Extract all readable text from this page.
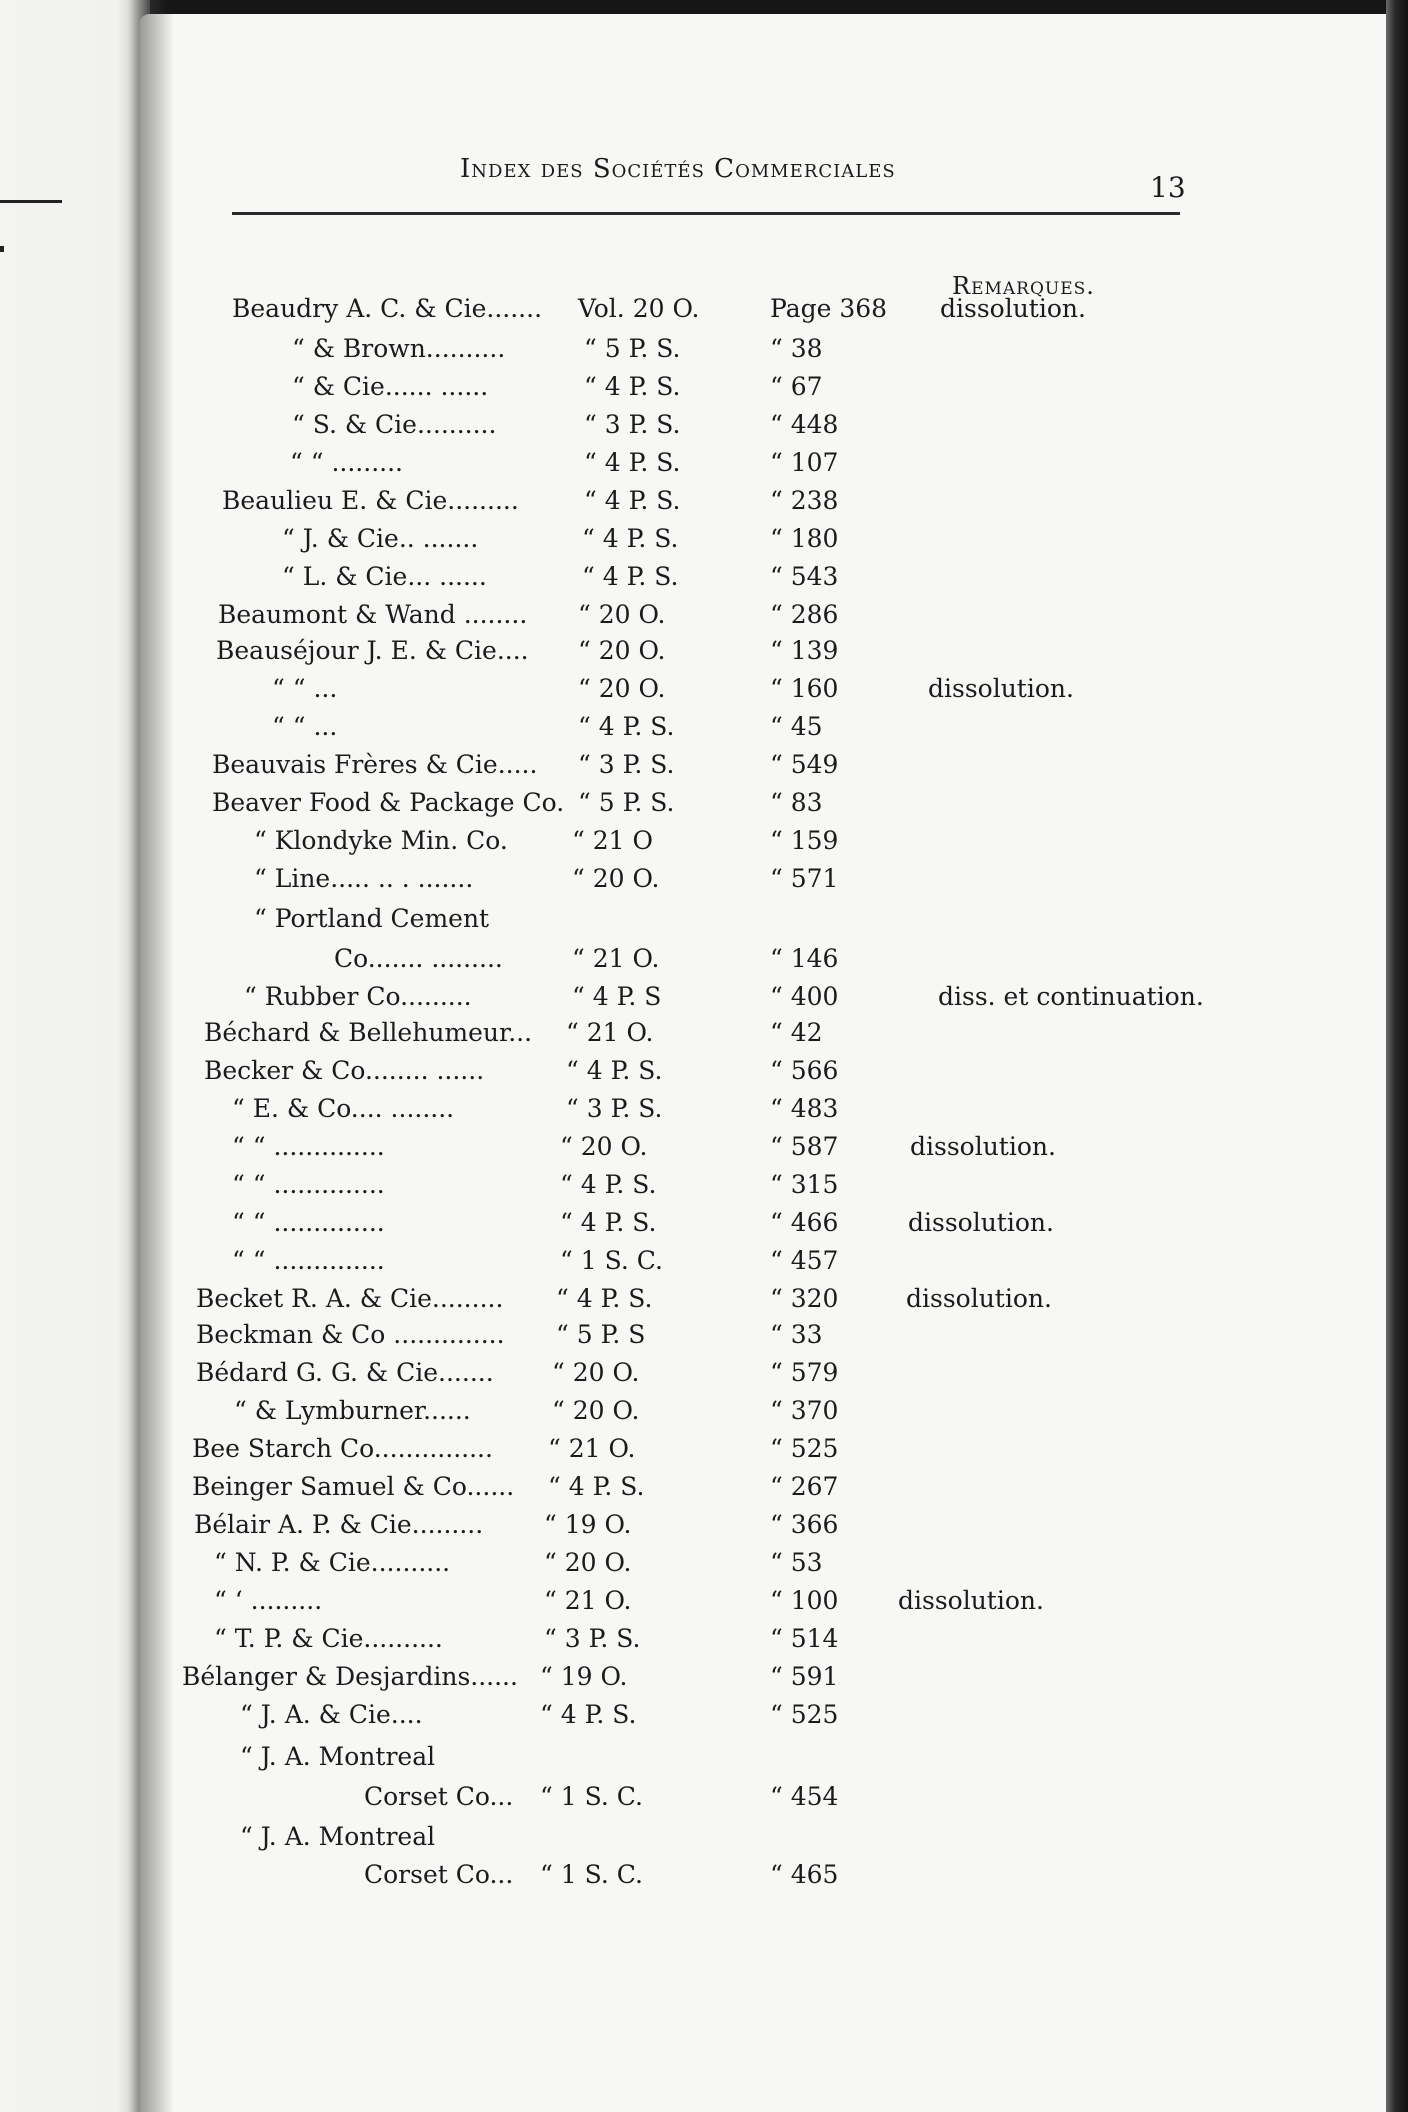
Index des Sociétés Commerciales
13
Remarques.
Beaudry A. C. & Cie....... Vol. 20 O.	Page 368	dissolution.
“ & Brown..........	“ 5 P. S.	“ 38
“ & Cie...... ......	“ 4 P. S.	“ 67
“ S. & Cie..........	“ 3 P. S.	“ 448
“ “ .........	“ 4 P. S.	“ 107
Beaulieu E. & Cie.........	“ 4 P. S.	“ 238
“ J. & Cie.. .......	“ 4 P. S.	“ 180
“ L. & Cie... ......	“ 4 P. S.	“ 543
Beaumont & Wand ........ “ 20 O.	“ 286
Beauséjour J. E. & Cie.... “ 20 O.	“ 139
“ “ ...	“ 20 O.	“ 160	dissolution.
“ “ ...	“ 4 P. S.	“ 45
Beauvais Frères & Cie..... “ 3 P. S.	“ 549
Beaver Food & Package Co. “ 5 P. S.	“ 83
“ Klondyke Min. Co.	“ 21 O	“ 159
“ Line..... .. . .......	“ 20 O.	“ 571
“ Portland Cement
Co....... .........	“ 21 O.	“ 146
“ Rubber Co.........	“ 4 P. S	“ 400	diss. et continuation.
Béchard & Bellehumeur... “ 21 O.	“ 42
Becker & Co........ ......	“ 4 P. S.	“ 566
“ E. & Co.... ........	“ 3 P. S.	“ 483
“ “ ..............	“ 20 O.	“ 587	dissolution.
“ “ ..............	“ 4 P. S.	“ 315
“ “ ..............	“ 4 P. S.	“ 466	dissolution.
“ “ ..............	“ 1 S. C.	“ 457
Becket R. A. & Cie......... “ 4 P. S.	“ 320	dissolution.
Beckman & Co .............. “ 5 P. S	“ 33
Bédard G. G. & Cie....... “ 20 O.	“ 579
“ & Lymburner......	“ 20 O.	“ 370
Bee Starch Co............... “ 21 O.	“ 525
Beinger Samuel & Co...... “ 4 P. S.	“ 267
Bélair A. P. & Cie......... “ 19 O.	“ 366
“ N. P. & Cie..........	“ 20 O.	“ 53
“ ‘ .........	“ 21 O.	“ 100	dissolution.
“ T. P. & Cie..........	“ 3 P. S.	“ 514
Bélanger & Desjardins...... “ 19 O.	“ 591
“ J. A. & Cie....	“ 4 P. S.	“ 525
“ J. A. Montreal
Corset Co... “ 1 S. C.	“ 454
“ J. A. Montreal
Corset Co... “ 1 S. C.	“ 465
